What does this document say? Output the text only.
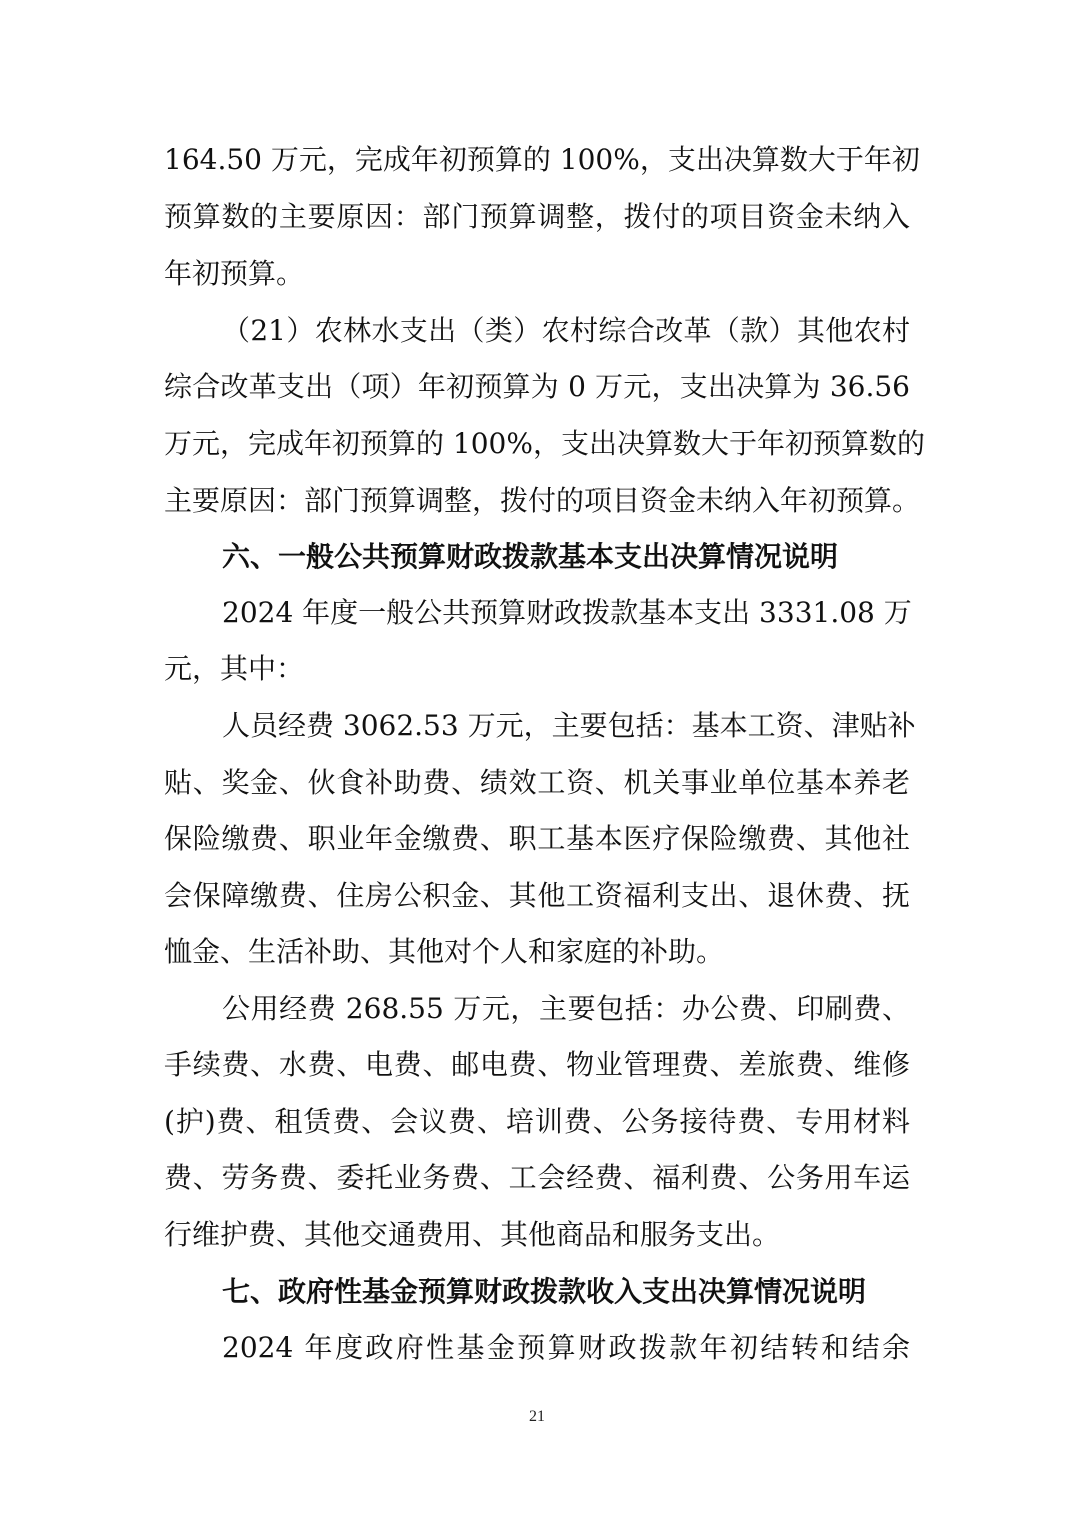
164.50 万元，完成年初预算的 100%，支出决算数大于年初
预算数的主要原因：部门预算调整，拨付的项目资金未纳入
年初预算。
（21）农林水支出（类）农村综合改革（款）其他农村
综合改革支出（项）年初预算为 0 万元，支出决算为 36.56
万元，完成年初预算的 100%，支出决算数大于年初预算数的
主要原因：部门预算调整，拨付的项目资金未纳入年初预算。
六、一般公共预算财政拨款基本支出决算情况说明
2024 年度一般公共预算财政拨款基本支出 3331.08 万
元，其中：
人员经费 3062.53 万元，主要包括：基本工资、津贴补
贴、奖金、伙食补助费、绩效工资、机关事业单位基本养老
保险缴费、职业年金缴费、职工基本医疗保险缴费、其他社
会保障缴费、住房公积金、其他工资福利支出、退休费、抚
恤金、生活补助、其他对个人和家庭的补助。
公用经费 268.55 万元，主要包括：办公费、印刷费、
手续费、水费、电费、邮电费、物业管理费、差旅费、维修
(护)费、租赁费、会议费、培训费、公务接待费、专用材料
费、劳务费、委托业务费、工会经费、福利费、公务用车运
行维护费、其他交通费用、其他商品和服务支出。
七、政府性基金预算财政拨款收入支出决算情况说明
2024 年度政府性基金预算财政拨款年初结转和结余
21
